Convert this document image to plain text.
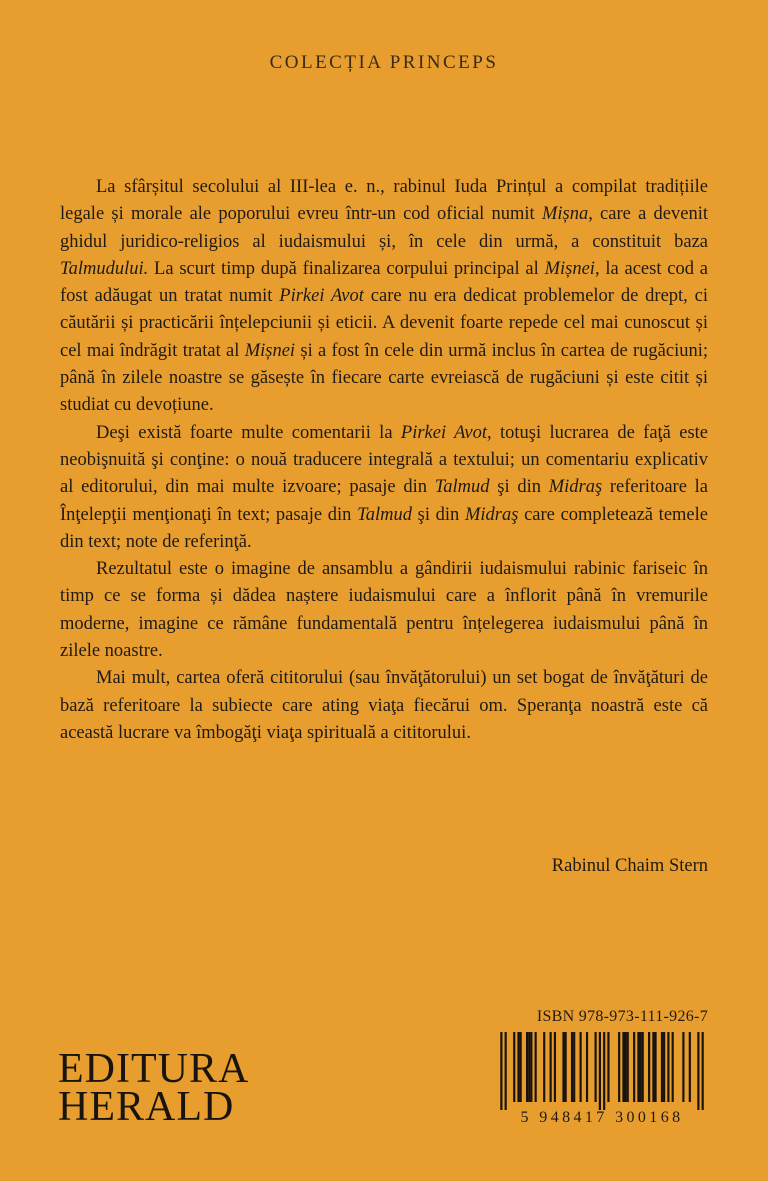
COLECȚIA PRINCEPS

La sfârșitul secolului al III-lea e. n., rabinul Iuda Prințul a compilat tradițiile legale și morale ale poporului evreu într-un cod oficial numit Mișna, care a devenit ghidul juridico-religios al iudaismului și, în cele din urmă, a constituit baza Talmudului. La scurt timp după finalizarea corpului principal al Mișnei, la acest cod a fost adăugat un tratat numit Pirkei Avot care nu era dedicat problemelor de drept, ci căutării și practicării înțelepciunii și eticii. A devenit foarte repede cel mai cunoscut și cel mai îndrăgit tratat al Mișnei și a fost în cele din urmă inclus în cartea de rugăciuni; până în zilele noastre se găsește în fiecare carte evreiască de rugăciuni și este citit și studiat cu devoțiune.

Deşi există foarte multe comentarii la Pirkei Avot, totuşi lucrarea de faţă este neobişnuită şi conţine: o nouă traducere integrală a textului; un comentariu explicativ al editorului, din mai multe izvoare; pasaje din Talmud şi din Midraş referitoare la Înţelepţii menţionaţi în text; pasaje din Talmud şi din Midraş care completează temele din text; note de referinţă.

Rezultatul este o imagine de ansamblu a gândirii iudaismului rabinic fariseic în timp ce se forma și dădea naștere iudaismului care a înflorit până în vremurile moderne, imagine ce rămâne fundamentală pentru înțelegerea iudaismului până în zilele noastre.

Mai mult, cartea oferă cititorului (sau învăţătorului) un set bogat de învăţături de bază referitoare la subiecte care ating viaţa fiecărui om. Speranţa noastră este că această lucrare va îmbogăţi viaţa spirituală a cititorului.

Rabinul Chaim Stern
EDITURA
HERALD
ISBN 978-973-111-926-7
5 948417 300168
